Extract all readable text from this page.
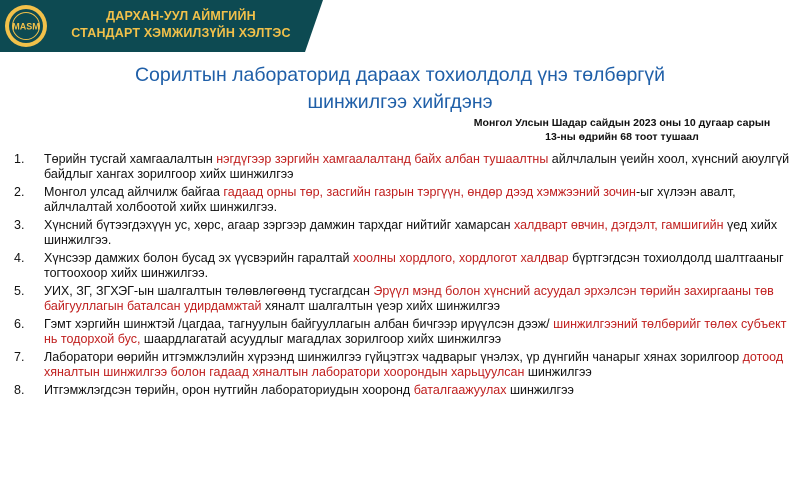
MASM
ДАРХАН-УУЛ АЙМГИЙН
СТАНДАРТ ХЭМЖИЛЗҮЙН ХЭЛТЭС
Сорилтын лабораторид дараах тохиолдолд үнэ төлбөргүй шинжилгээ хийгдэнэ
Монгол Улсын Шадар сайдын 2023 оны 10 дугаар сарын
13-ны өдрийн 68 тоот тушаал
1. Төрийн тусгай хамгаалалтын нэгдүгээр зэргийн хамгаалалтанд байх албан тушаалтны айлчлалын үеийн хоол, хүнсний аюулгүй байдлыг хангах зорилгоор хийх шинжилгээ
2. Монгол улсад айлчилж байгаа гадаад орны төр, засгийн газрын тэргүүн, өндөр дээд хэмжээний зочин-ыг хүлээн авалт, айлчлалтай холбоотой хийх шинжилгээ.
3. Хүнсний бүтээгдэхүүн ус, хөрс, агаар зэргээр дамжин тархдаг нийтийг хамарсан халдварт өвчин, дэгдэлт, гамшигийн үед хийх шинжилгээ.
4. Хүнсээр дамжих болон бусад эх үүсвэрийн гаралтай хоолны хордлого, хордлогот халдвар бүртгэгдсэн тохиолдолд шалтгааныг тогтоохоор хийх шинжилгээ.
5. УИХ, ЗГ, ЗГХЭГ-ын шалгалтын төлөвлөгөөнд тусгагдсан Эрүүл мэнд болон хүнсний асуудал эрхэлсэн төрийн захиргааны төв байгууллагын баталсан удирдамжтай хяналт шалгалтын үеэр хийх шинжилгээ
6. Гэмт хэргийн шинжтэй /цагдаа, тагнуулын байгууллагын албан бичгээр ирүүлсэн дээж/ шинжилгээний төлбөрийг төлөх субъект нь тодорхой бус, шаардлагатай асуудлыг магадлах зорилгоор хийх шинжилгээ
7. Лаборатори өөрийн итгэмжлэлийн хүрээнд шинжилгээ гүйцэтгэх чадварыг үнэлэх, үр дүнгийн чанарыг хянах зорилгоор дотоод хяналтын шинжилгээ болон гадаад хяналтын лаборатори хоорондын харьцуулсан шинжилгээ
8. Итгэмжлэгдсэн төрийн, орон нутгийн лабораториудын хооронд баталгаажуулах шинжилгээ
